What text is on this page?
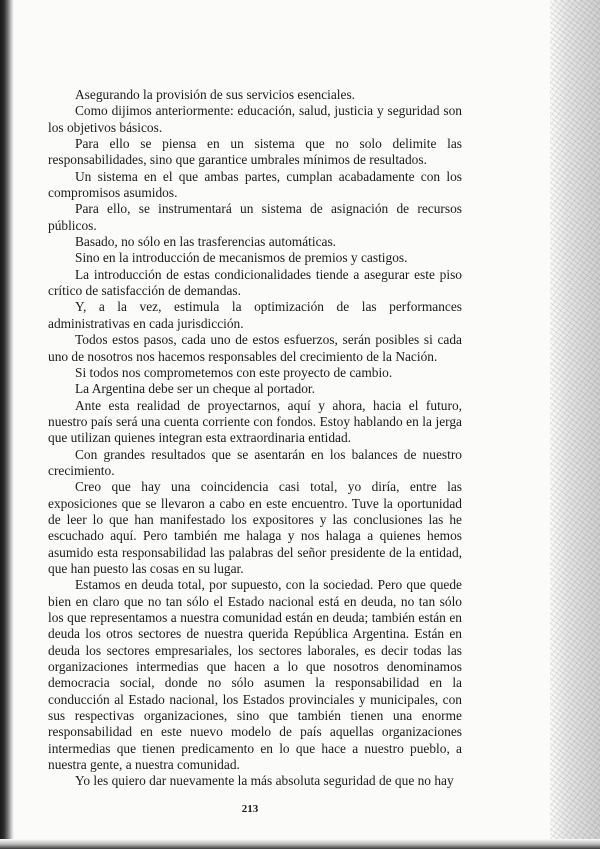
Asegurando la provisión de sus servicios esenciales.

Como dijimos anteriormente: educación, salud, justicia y seguridad son los objetivos básicos.

Para ello se piensa en un sistema que no solo delimite las responsabilidades, sino que garantice umbrales mínimos de resultados.

Un sistema en el que ambas partes, cumplan acabadamente con los compromisos asumidos.

Para ello, se instrumentará un sistema de asignación de recursos públicos.

Basado, no sólo en las trasferencias automáticas.

Sino en la introducción de mecanismos de premios y castigos.

La introducción de estas condicionalidades tiende a asegurar este piso crítico de satisfacción de demandas.

Y, a la vez, estimula la optimización de las performances administrativas en cada jurisdicción.

Todos estos pasos, cada uno de estos esfuerzos, serán posibles si cada uno de nosotros nos hacemos responsables del crecimiento de la Nación.

Si todos nos comprometemos con este proyecto de cambio.

La Argentina debe ser un cheque al portador.

Ante esta realidad de proyectarnos, aquí y ahora, hacia el futuro, nuestro país será una cuenta corriente con fondos. Estoy hablando en la jerga que utilizan quienes integran esta extraordinaria entidad.

Con grandes resultados que se asentarán en los balances de nuestro crecimiento.

Creo que hay una coincidencia casi total, yo diría, entre las exposiciones que se llevaron a cabo en este encuentro. Tuve la oportunidad de leer lo que han manifestado los expositores y las conclusiones las he escuchado aquí. Pero también me halaga y nos halaga a quienes hemos asumido esta responsabilidad las palabras del señor presidente de la entidad, que han puesto las cosas en su lugar.

Estamos en deuda total, por supuesto, con la sociedad. Pero que quede bien en claro que no tan sólo el Estado nacional está en deuda, no tan sólo los que representamos a nuestra comunidad están en deuda; también están en deuda los otros sectores de nuestra querida República Argentina. Están en deuda los sectores empresariales, los sectores laborales, es decir todas las organizaciones intermedias que hacen a lo que nosotros denominamos democracia social, donde no sólo asumen la responsabilidad en la conducción al Estado nacional, los Estados provinciales y municipales, con sus respectivas organizaciones, sino que también tienen una enorme responsabilidad en este nuevo modelo de país aquellas organizaciones intermedias que tienen predicamento en lo que hace a nuestro pueblo, a nuestra gente, a nuestra comunidad.

Yo les quiero dar nuevamente la más absoluta seguridad de que no hay

213
